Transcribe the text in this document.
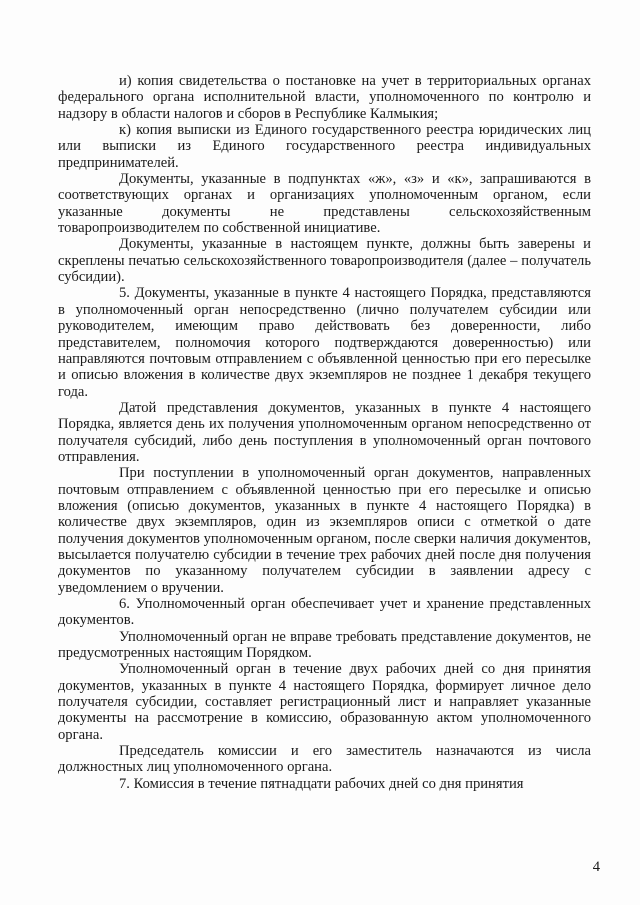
и) копия свидетельства о постановке на учет в территориальных органах федерального органа исполнительной власти, уполномоченного по контролю и надзору в области налогов и сборов в Республике Калмыкия;

к) копия выписки из Единого государственного реестра юридических лиц или выписки из Единого государственного реестра индивидуальных предпринимателей.

Документы, указанные в подпунктах «ж», «з» и «к», запрашиваются в соответствующих органах и организациях уполномоченным органом, если указанные документы не представлены сельскохозяйственным товаропроизводителем по собственной инициативе.

Документы, указанные в настоящем пункте, должны быть заверены и скреплены печатью сельскохозяйственного товаропроизводителя (далее – получатель субсидии).

5. Документы, указанные в пункте 4 настоящего Порядка, представляются в уполномоченный орган непосредственно (лично получателем субсидии или руководителем, имеющим право действовать без доверенности, либо представителем, полномочия которого подтверждаются доверенностью) или направляются почтовым отправлением с объявленной ценностью при его пересылке и описью вложения в количестве двух экземпляров не позднее 1 декабря текущего года.

Датой представления документов, указанных в пункте 4 настоящего Порядка, является день их получения уполномоченным органом непосредственно от получателя субсидий, либо день поступления в уполномоченный орган почтового отправления.

При поступлении в уполномоченный орган документов, направленных почтовым отправлением с объявленной ценностью при его пересылке и описью вложения (описью документов, указанных в пункте 4 настоящего Порядка) в количестве двух экземпляров, один из экземпляров описи с отметкой о дате получения документов уполномоченным органом, после сверки наличия документов, высылается получателю субсидии в течение трех рабочих дней после дня получения документов по указанному получателем субсидии в заявлении адресу с уведомлением о вручении.

6. Уполномоченный орган обеспечивает учет и хранение представленных документов.

Уполномоченный орган не вправе требовать представление документов, не предусмотренных настоящим Порядком.

Уполномоченный орган в течение двух рабочих дней со дня принятия документов, указанных в пункте 4 настоящего Порядка, формирует личное дело получателя субсидии, составляет регистрационный лист и направляет указанные документы на рассмотрение в комиссию, образованную актом уполномоченного органа.

Председатель комиссии и его заместитель назначаются из числа должностных лиц уполномоченного органа.

7. Комиссия в течение пятнадцати рабочих дней со дня принятия

4
